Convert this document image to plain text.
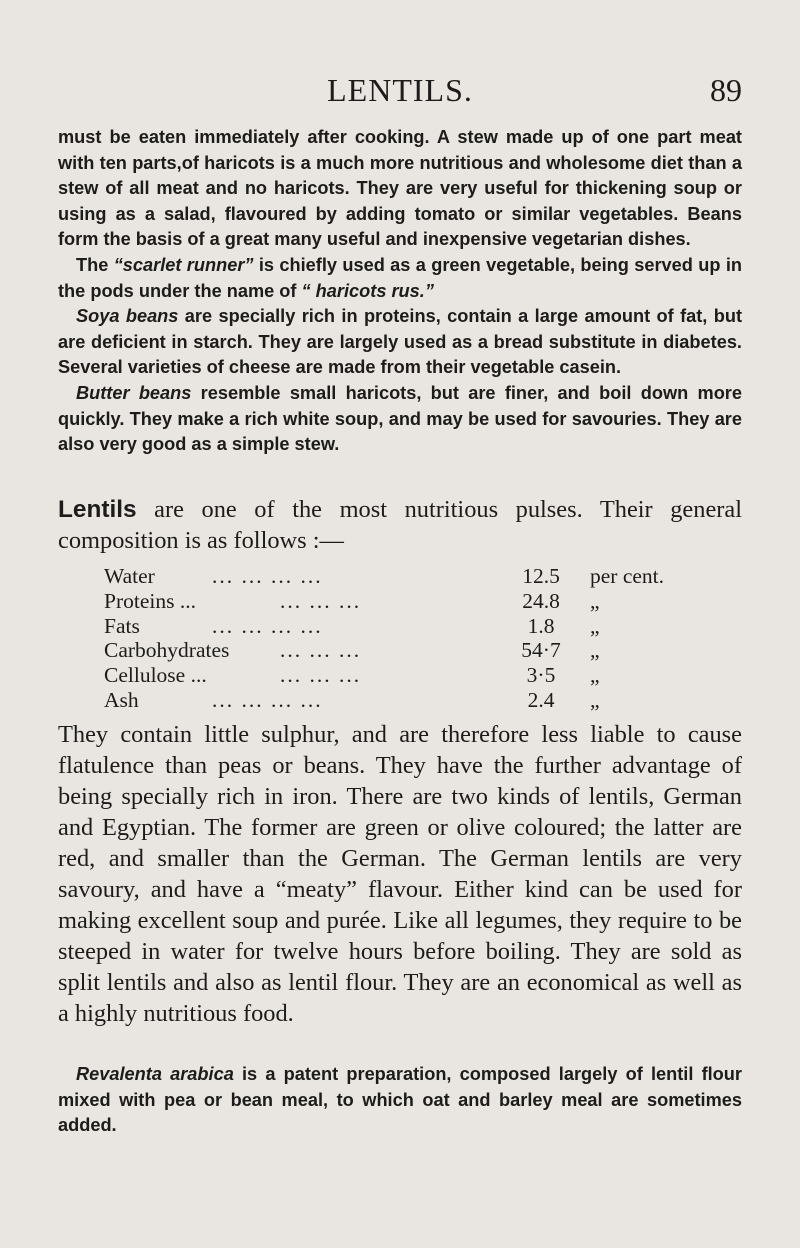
LENTILS.	89

must be eaten immediately after cooking. A stew made up of one part meat with ten parts,of haricots is a much more nutritious and wholesome diet than a stew of all meat and no haricots. They are very useful for thickening soup or using as a salad, flavoured by adding tomato or similar vegetables. Beans form the basis of a great many useful and inexpensive vegetarian dishes.

The “scarlet runner” is chiefly used as a green vegetable, being served up in the pods under the name of “ haricots rus.”

Soya beans are specially rich in proteins, contain a large amount of fat, but are deficient in starch. They are largely used as a bread substitute in diabetes. Several varieties of cheese are made from their vegetable casein.

Butter beans resemble small haricots, but are finer, and boil down more quickly. They make a rich white soup, and may be used for savouries. They are also very good as a simple stew.

Lentils are one of the most nutritious pulses. Their general composition is as follows :—

Water	... ... ... ...	12.5	per cent.
Proteins ...	... ... ...	24.8	„
Fats	... ... ... ...	1.8	„
Carbohydrates ... ... ...	54·7	„
Cellulose ...	... ... ...	3·5	„
Ash	... ... ... ...	2.4	„

They contain little sulphur, and are therefore less liable to cause flatulence than peas or beans. They have the further advantage of being specially rich in iron. There are two kinds of lentils, German and Egyptian. The former are green or olive coloured; the latter are red, and smaller than the German. The German lentils are very savoury, and have a “meaty” flavour. Either kind can be used for making excellent soup and purée. Like all legumes, they require to be steeped in water for twelve hours before boiling. They are sold as split lentils and also as lentil flour. They are an economical as well as a highly nutritious food.

Revalenta arabica is a patent preparation, composed largely of lentil flour mixed with pea or bean meal, to which oat and barley meal are sometimes added.
